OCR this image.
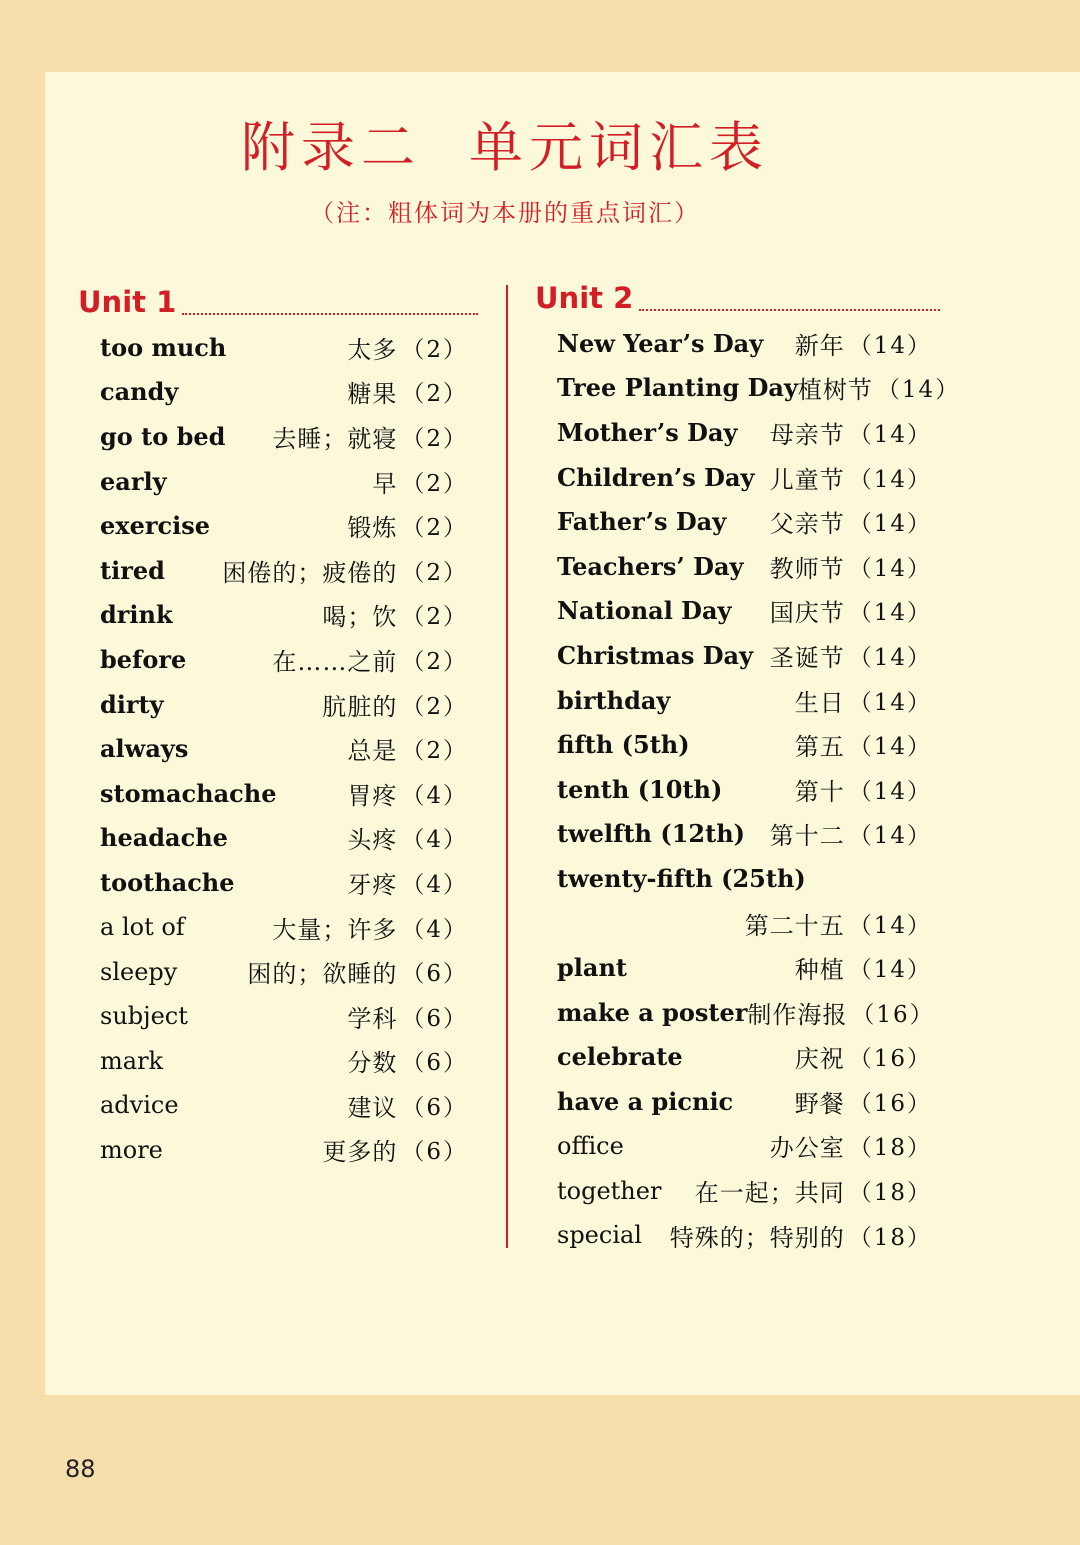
附录二 单元词汇表
（注：粗体词为本册的重点词汇）
Unit 1	Unit 2
too much	太多 （2）
candy	糖果 （2）
go to bed 去睡；就寝 （2）
early	早 （2）
exercise	锻炼 （2）
tired 困倦的；疲倦的 （2）
drink	喝；饮 （2）
before	在……之前 （2）
dirty	肮脏的 （2）
always	总是 （2）
stomachache	胃疼 （4）
headache	头疼 （4）
toothache	牙疼 （4）
a lot of	大量；许多 （4）
sleepy	困的；欲睡的 （6）
subject	学科 （6）
mark	分数 （6）
advice	建议 （6）
more	更多的 （6）
New Year’s Day 新年 （14）
Tree Planting Day 植树节 （14）
Mother’s Day 母亲节 （14）
Children’s Day 儿童节 （14）
Father’s Day 父亲节 （14）
Teachers’ Day 教师节 （14）
National Day 国庆节 （14）
Christmas Day 圣诞节 （14）
birthday	生日 （14）
fifth (5th)	第五 （14）
tenth (10th)	第十 （14）
twelfth (12th) 第十二 （14）
twenty-fifth (25th)
第二十五 （14）
plant	种植 （14）
make a poster 制作海报 （16）
celebrate	庆祝 （16）
have a picnic	野餐 （16）
office	办公室 （18）
together 在一起；共同 （18）
special 特殊的；特别的 （18）
88
